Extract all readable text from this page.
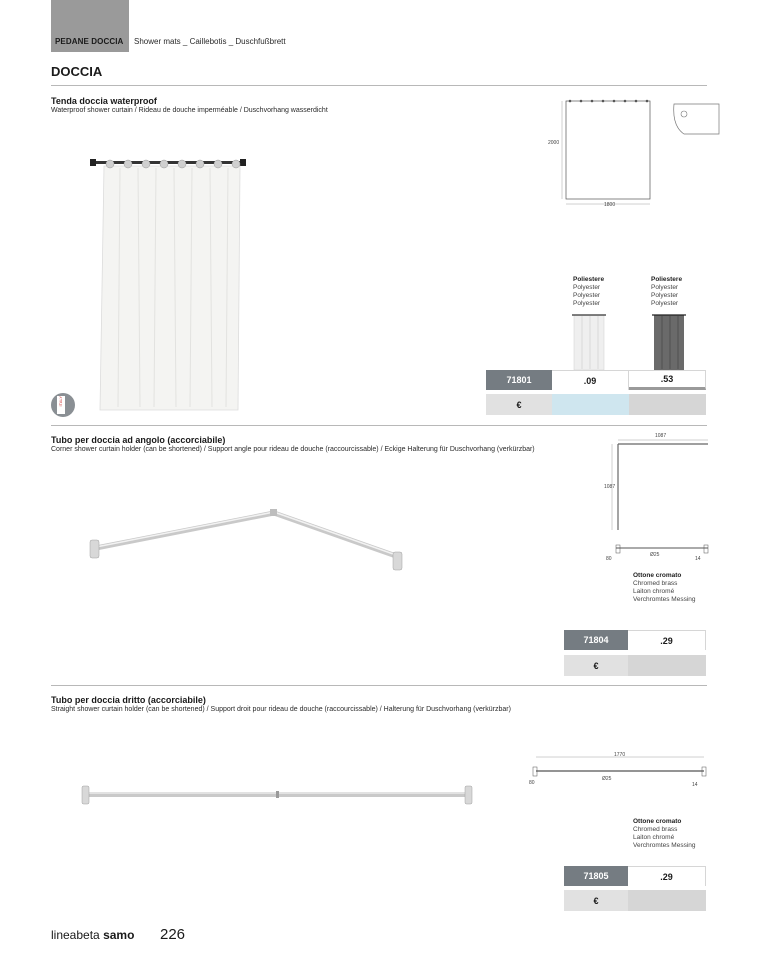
PEDANE DOCCIA Shower mats _ Caillebotis _ Duschfußbrett
DOCCIA
Tenda doccia waterproof
Waterproof shower curtain / Rideau de douche imperméable / Duschvorhang wasserdicht
ITALY
2000
1800
Poliestere
Polyester
Polyester
Polyester
Poliestere
Polyester
Polyester
Polyester
71801	.09	.53
€
Tubo per doccia ad angolo (accorciabile)
Corner shower curtain holder (can be shortened) / Support angle pour rideau de douche (raccourcissable) / Eckige Halterung für Duschvorhang (verkürzbar)
1087
1087
80
Ø25
14
Ottone cromato
Chromed brass
Laiton chromé
Verchromtes Messing
71804	.29
€
Tubo per doccia dritto (accorciabile)
Straight shower curtain holder (can be shortened) / Support droit pour rideau de douche (raccourcissable) / Halterung für Duschvorhang (verkürzbar)
1770
80
Ø25
14
Ottone cromato
Chromed brass
Laiton chromé
Verchromtes Messing
71805	.29
€
lineabeta samo 226
